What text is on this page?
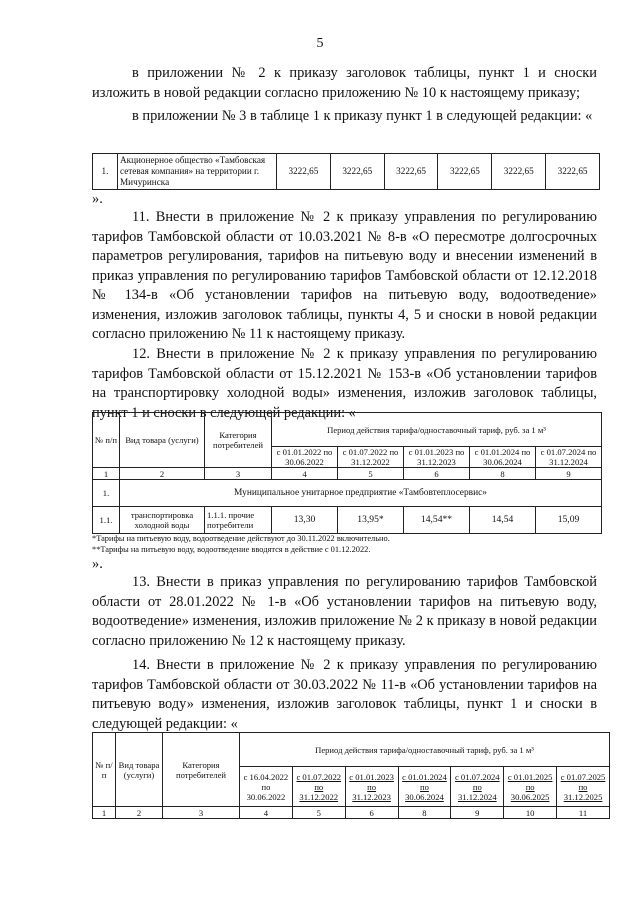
5

в приложении № 2 к приказу заголовок таблицы, пункт 1 и сноски изложить в новой редакции согласно приложению № 10 к настоящему приказу;

в приложении № 3 в таблице 1 к приказу пункт 1 в следующей редакции: «

1.	Акционерное общество «Тамбовская сетевая компания» на территории г. Мичуринска	3222,65	3222,65	3222,65	3222,65	3222,65	3222,65
».

11. Внести в приложение № 2 к приказу управления по регулированию тарифов Тамбовской области от 10.03.2021 № 8-в «О пересмотре долгосрочных параметров регулирования, тарифов на питьевую воду и внесении изменений в приказ управления по регулированию тарифов Тамбовской области от 12.12.2018 № 134-в «Об установлении тарифов на питьевую воду, водоотведение» изменения, изложив заголовок таблицы, пункты 4, 5 и сноски в новой редакции согласно приложению № 11 к настоящему приказу.

12. Внести в приложение № 2 к приказу управления по регулированию тарифов Тамбовской области от 15.12.2021 № 153-в «Об установлении тарифов на транспортировку холодной воды» изменения, изложив заголовок таблицы, пункт 1 и сноски в следующей редакции: «

№ п/п	Вид товара (услуги)	Категория потребителей	Период действия тарифа/одноставочный тариф, руб. за 1 м³				
			с 01.01.2022 по 30.06.2022	с 01.07.2022 по 31.12.2022	с 01.01.2023 по 31.12.2023	с 01.01.2024 по 30.06.2024	с 01.07.2024 по 31.12.2024
1	2	3	4	5	6	8	9
1.	Муниципальное унитарное предприятие «Тамбовтеплосервис»						
1.1.	транспортировка холодной воды	1.1.1. прочие потребители	13,30	13,95*	14,54**	14,54	15,09
*Тарифы на питьевую воду, водоотведение действуют до 30.11.2022 включительно.
**Тарифы на питьевую воду, водоотведение вводятся в действие с 01.12.2022.
».

13. Внести в приказ управления по регулированию тарифов Тамбовской области от 28.01.2022 № 1-в «Об установлении тарифов на питьевую воду, водоотведение» изменения, изложив приложение № 2 к приказу в новой редакции согласно приложению № 12 к настоящему приказу.

14. Внести в приложение № 2 к приказу управления по регулированию тарифов Тамбовской области от 30.03.2022 № 11-в «Об установлении тарифов на питьевую воду» изменения, изложив заголовок таблицы, пункт 1 и сноски в следующей редакции: «

№ п/п	Вид товара (услуги)	Категория потребителей	Период действия тарифа/одноставочный тариф, руб. за 1 м³						
			с 16.04.2022 по 30.06.2022	с 01.07.2022 по 31.12.2022	с 01.01.2023 по 31.12.2023	с 01.01.2024 по 30.06.2024	с 01.07.2024 по 31.12.2024	с 01.01.2025 по 30.06.2025	с 01.07.2025 по 31.12.2025
1	2	3	4	5	6	8	9	10	11
